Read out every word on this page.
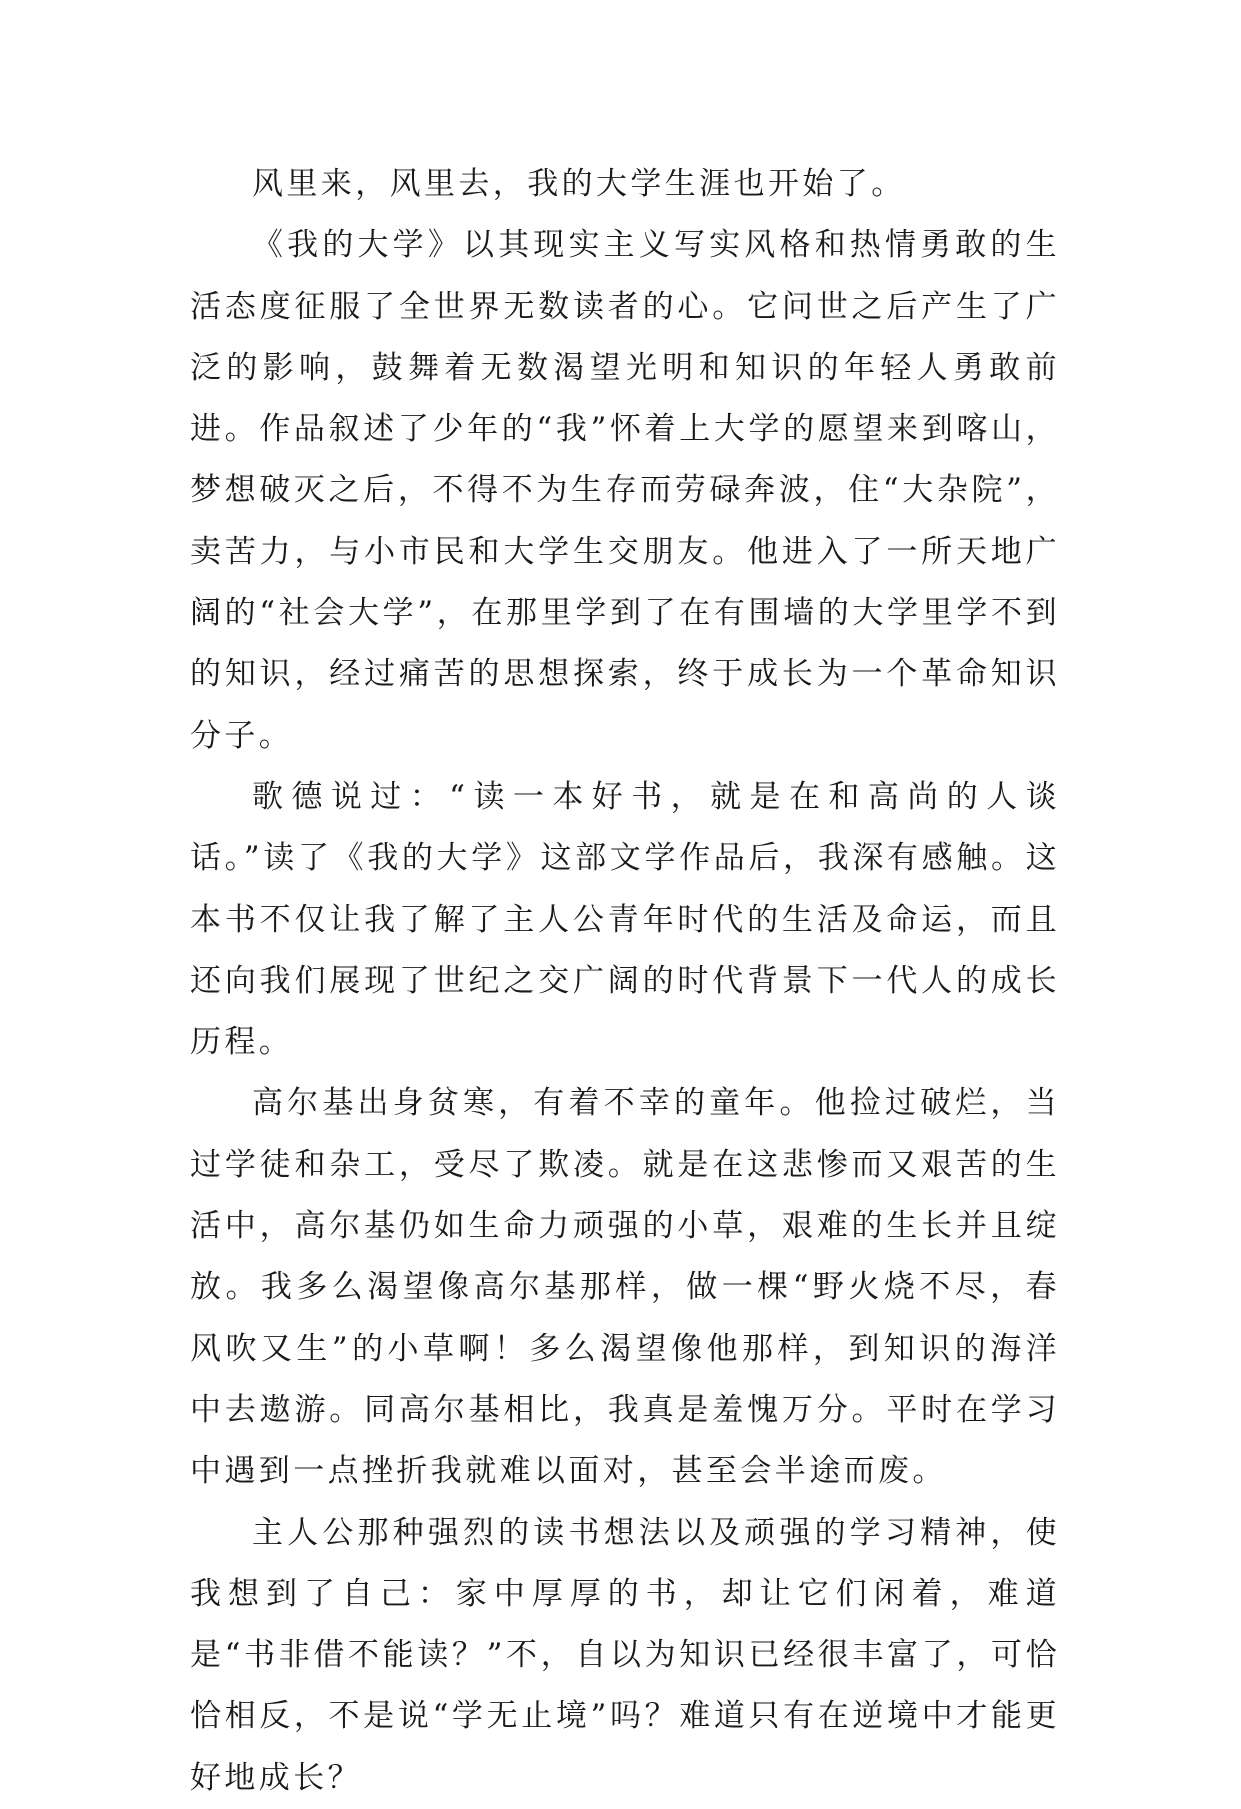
风里来，风里去，我的大学生涯也开始了。

《我的大学》以其现实主义写实风格和热情勇敢的生活态度征服了全世界无数读者的心。它问世之后产生了广泛的影响，鼓舞着无数渴望光明和知识的年轻人勇敢前进。作品叙述了少年的“我”怀着上大学的愿望来到喀山，梦想破灭之后，不得不为生存而劳碌奔波，住“大杂院”，卖苦力，与小市民和大学生交朋友。他进入了一所天地广阔的“社会大学”，在那里学到了在有围墙的大学里学不到的知识，经过痛苦的思想探索，终于成长为一个革命知识分子。

歌德说过：“读一本好书，就是在和高尚的人谈话。”读了《我的大学》这部文学作品后，我深有感触。这本书不仅让我了解了主人公青年时代的生活及命运，而且还向我们展现了世纪之交广阔的时代背景下一代人的成长历程。

高尔基出身贫寒，有着不幸的童年。他捡过破烂，当过学徒和杂工，受尽了欺凌。就是在这悲惨而又艰苦的生活中，高尔基仍如生命力顽强的小草，艰难的生长并且绽放。我多么渴望像高尔基那样，做一棵“野火烧不尽，春风吹又生”的小草啊！多么渴望像他那样，到知识的海洋中去遨游。同高尔基相比，我真是羞愧万分。平时在学习中遇到一点挫折我就难以面对，甚至会半途而废。

主人公那种强烈的读书想法以及顽强的学习精神，使我想到了自己：家中厚厚的书，却让它们闲着，难道是“书非借不能读？”不，自以为知识已经很丰富了，可恰恰相反，不是说“学无止境”吗？难道只有在逆境中才能更好地成长？
